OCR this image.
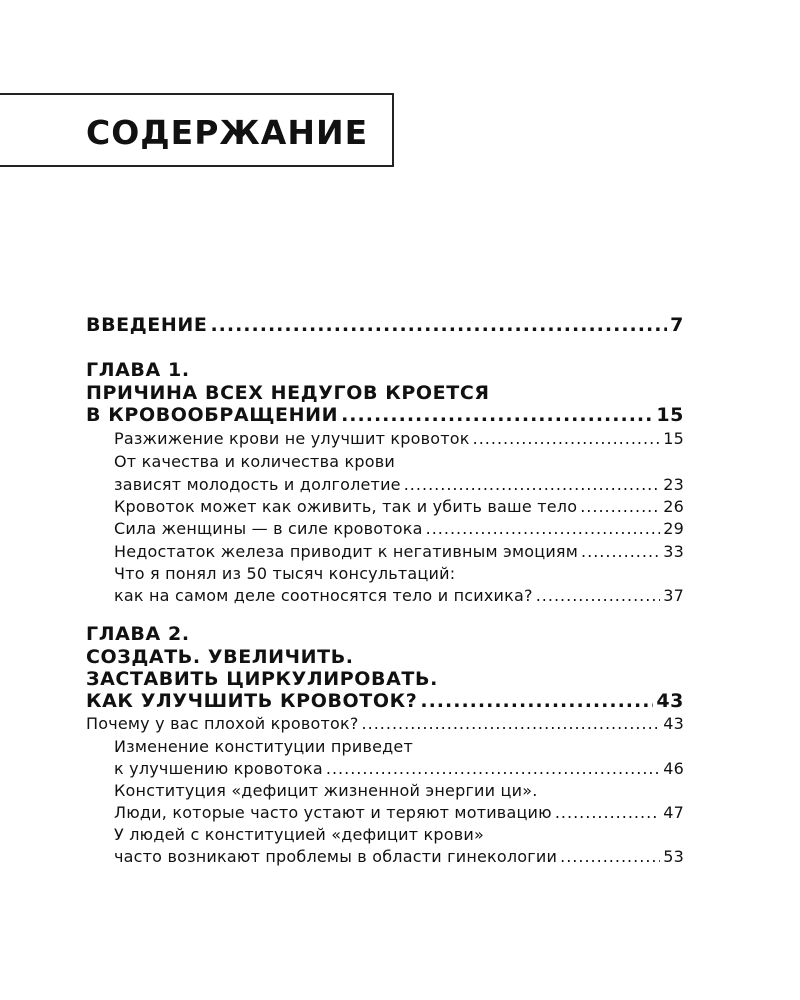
СОДЕРЖАНИЕ
ВВЕДЕНИЕ .....	7
ГЛАВА 1.
ПРИЧИНА ВСЕХ НЕДУГОВ КРОЕТСЯ
В КРОВООБРАЩЕНИИ .....	15
Разжижение крови не улучшит кровоток .....	15
От качества и количества крови
зависят молодость и долголетие .....	23
Кровоток может как оживить, так и убить ваше тело .....	26
Сила женщины — в силе кровотока .....	29
Недостаток железа приводит к негативным эмоциям .....	33
Что я понял из 50 тысяч консультаций:
как на самом деле соотносятся тело и психика? .....	37
ГЛАВА 2.
СОЗДАТЬ. УВЕЛИЧИТЬ.
ЗАСТАВИТЬ ЦИРКУЛИРОВАТЬ.
КАК УЛУЧШИТЬ КРОВОТОК? .....	43
Почему у вас плохой кровоток? .....	43
Изменение конституции приведет
к улучшению кровотока .....	46
Конституция «дефицит жизненной энергии ци».
Люди, которые часто устают и теряют мотивацию .....	47
У людей с конституцией «дефицит крови»
часто возникают проблемы в области гинекологии .....	53
